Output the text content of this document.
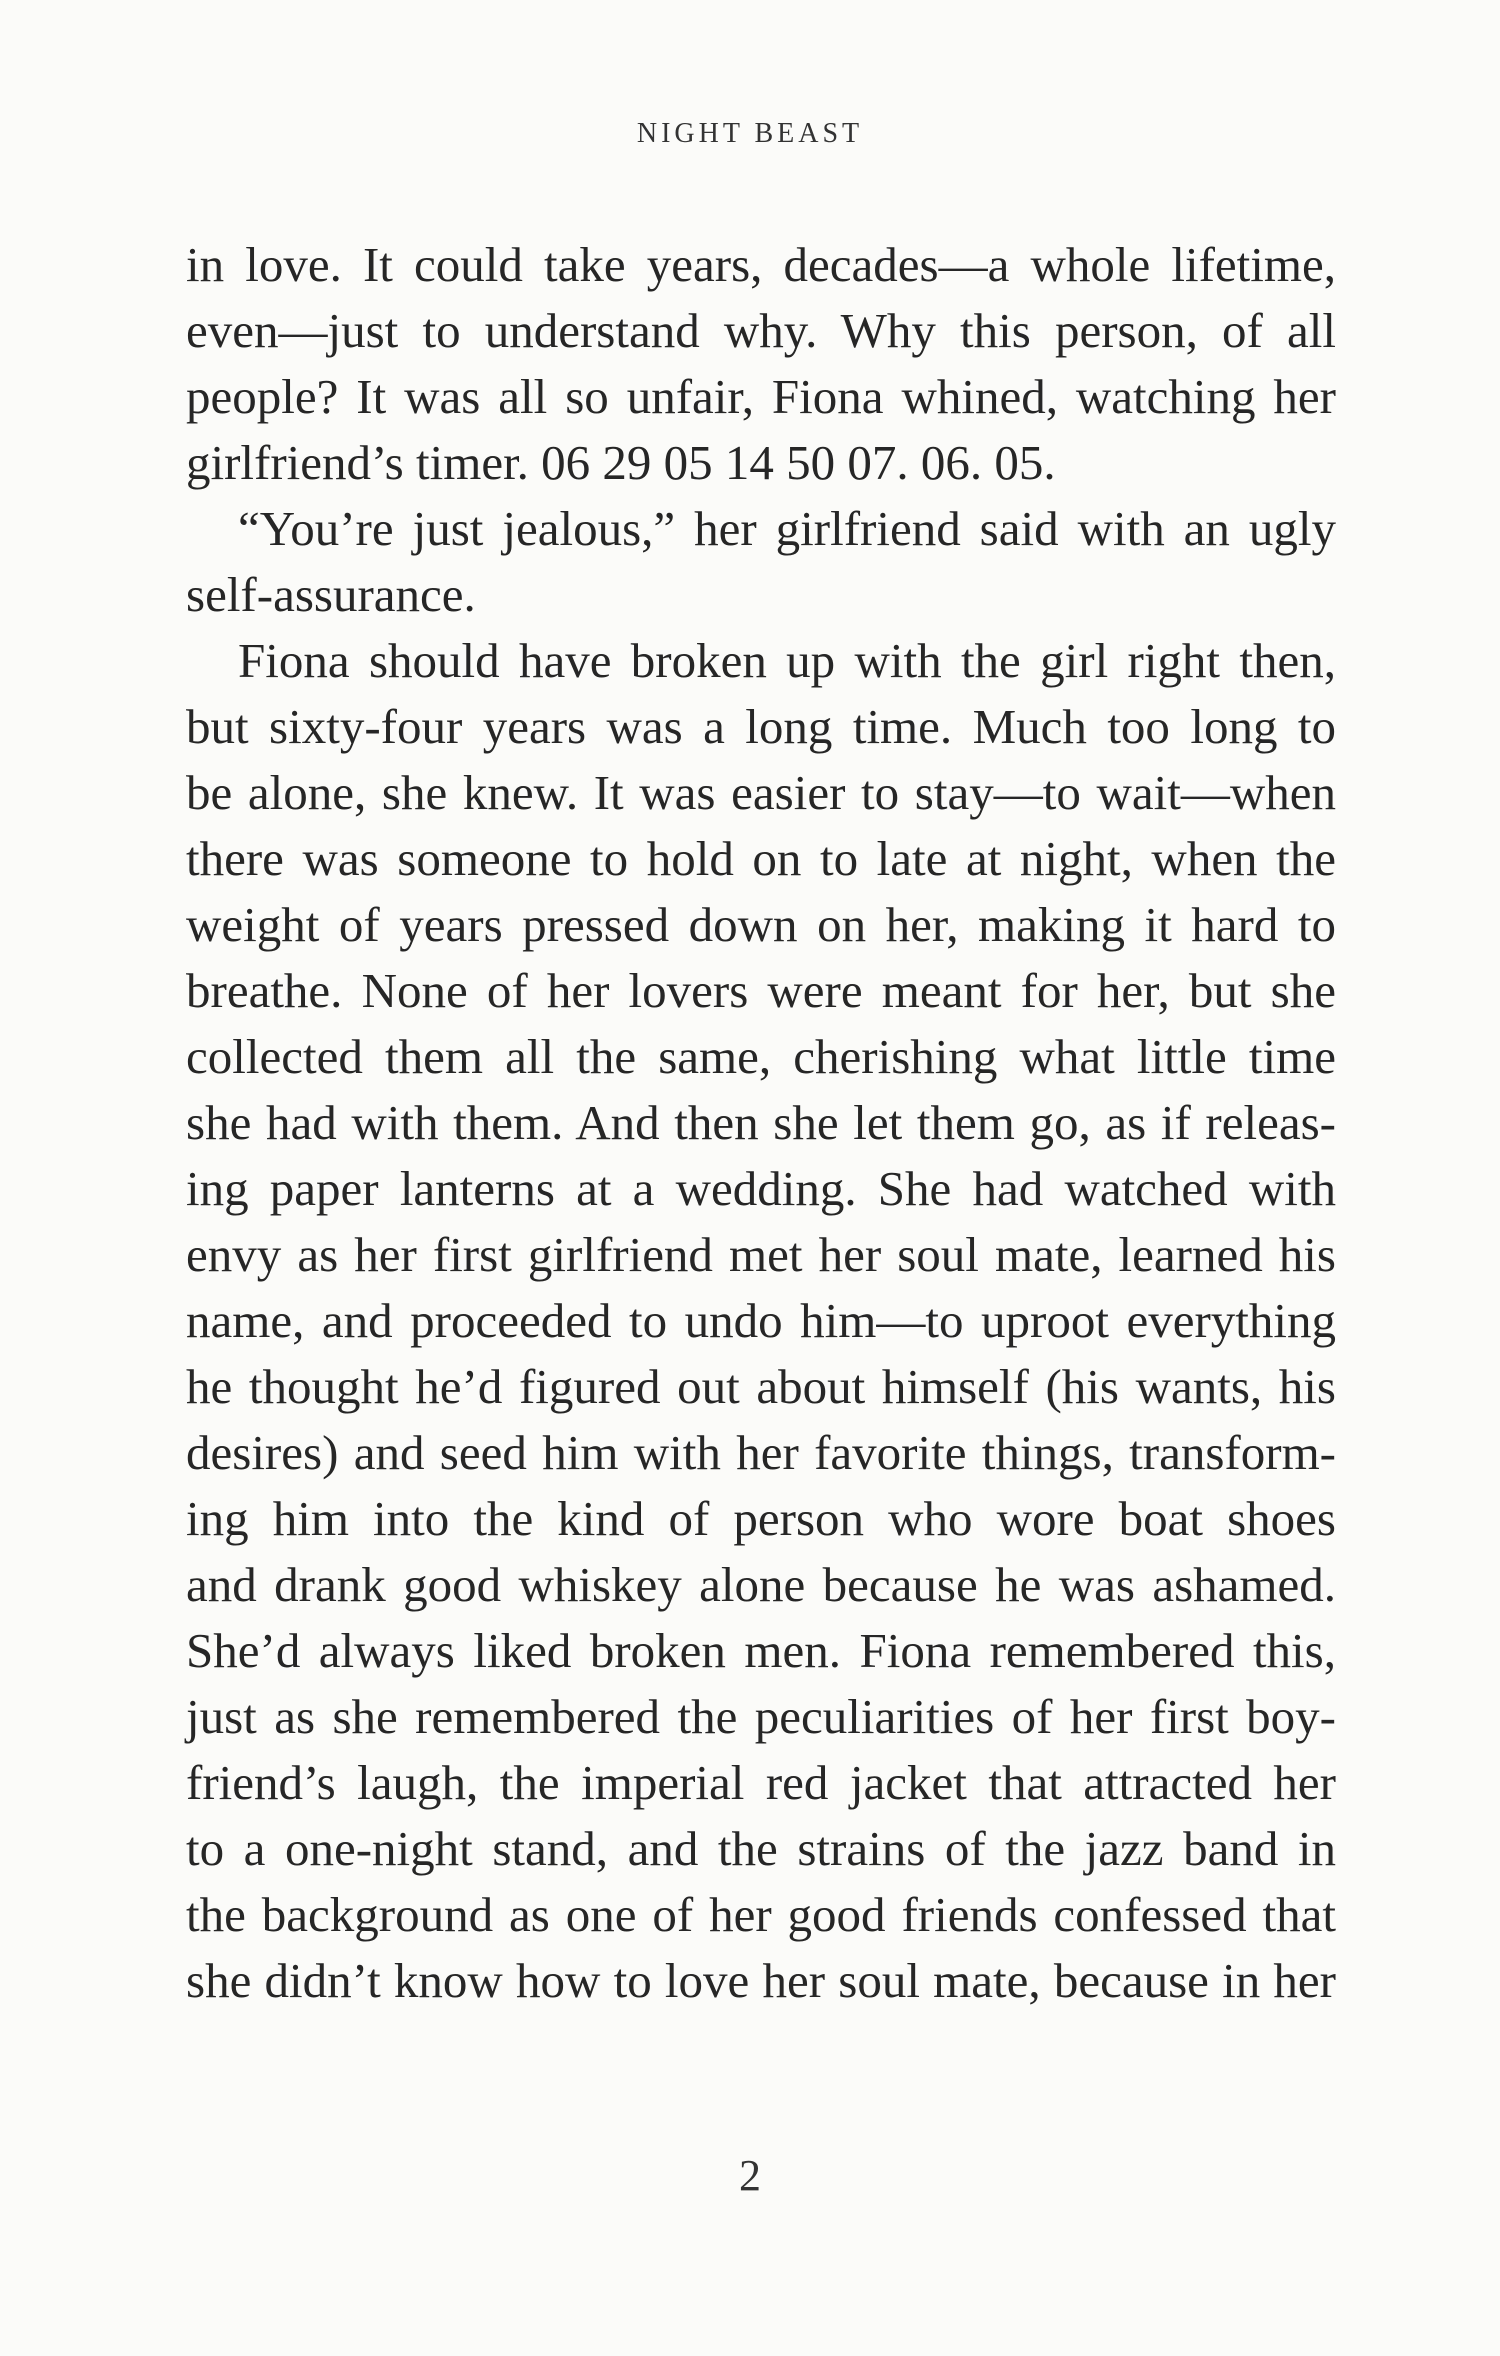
NIGHT BEAST
in love. It could take years, decades—a whole lifetime,
even—just to understand why. Why this person, of all
people? It was all so unfair, Fiona whined, watching her
girlfriend’s timer. 06 29 05 14 50 07. 06. 05.
“You’re just jealous,” her girlfriend said with an ugly
self-assurance.
Fiona should have broken up with the girl right then,
but sixty-four years was a long time. Much too long to
be alone, she knew. It was easier to stay—to wait—when
there was someone to hold on to late at night, when the
weight of years pressed down on her, making it hard to
breathe. None of her lovers were meant for her, but she
collected them all the same, cherishing what little time
she had with them. And then she let them go, as if releas-
ing paper lanterns at a wedding. She had watched with
envy as her first girlfriend met her soul mate, learned his
name, and proceeded to undo him—to uproot everything
he thought he’d figured out about himself (his wants, his
desires) and seed him with her favorite things, transform-
ing him into the kind of person who wore boat shoes
and drank good whiskey alone because he was ashamed.
She’d always liked broken men. Fiona remembered this,
just as she remembered the peculiarities of her first boy-
friend’s laugh, the imperial red jacket that attracted her
to a one-night stand, and the strains of the jazz band in
the background as one of her good friends confessed that
she didn’t know how to love her soul mate, because in her
2
